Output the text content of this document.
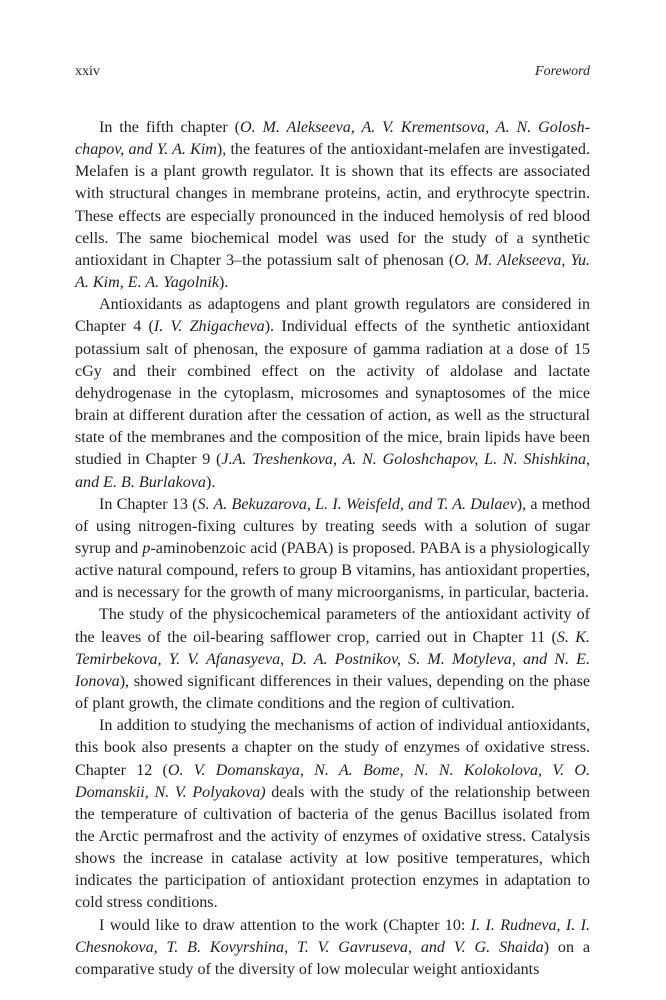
xxiv	Foreword

In the fifth chapter (O. M. Alekseeva, A. V. Krementsova, A. N. Goloshchapov, and Y. A. Kim), the features of the antioxidant-melafen are investigated. Melafen is a plant growth regulator. It is shown that its effects are associated with structural changes in membrane proteins, actin, and erythrocyte spectrin. These effects are especially pronounced in the induced hemolysis of red blood cells. The same biochemical model was used for the study of a synthetic antioxidant in Chapter 3–the potassium salt of phenosan (O. M. Alekseeva, Yu. A. Kim, E. A. Yagolnik).

Antioxidants as adaptogens and plant growth regulators are considered in Chapter 4 (I. V. Zhigacheva). Individual effects of the synthetic antioxidant potassium salt of phenosan, the exposure of gamma radiation at a dose of 15 cGy and their combined effect on the activity of aldolase and lactate dehydrogenase in the cytoplasm, microsomes and synaptosomes of the mice brain at different duration after the cessation of action, as well as the structural state of the membranes and the composition of the mice, brain lipids have been studied in Chapter 9 (J.A. Treshenkova, A. N. Goloshchapov, L. N. Shishkina, and E. B. Burlakova).

In Chapter 13 (S. A. Bekuzarova, L. I. Weisfeld, and T. A. Dulaev), a method of using nitrogen-fixing cultures by treating seeds with a solution of sugar syrup and p-aminobenzoic acid (PABA) is proposed. PABA is a physiologically active natural compound, refers to group B vitamins, has antioxidant properties, and is necessary for the growth of many microorganisms, in particular, bacteria.

The study of the physicochemical parameters of the antioxidant activity of the leaves of the oil-bearing safflower crop, carried out in Chapter 11 (S. K. Temirbekova, Y. V. Afanasyeva, D. A. Postnikov, S. M. Motyleva, and N. E. Ionova), showed significant differences in their values, depending on the phase of plant growth, the climate conditions and the region of cultivation.

In addition to studying the mechanisms of action of individual antioxidants, this book also presents a chapter on the study of enzymes of oxidative stress. Chapter 12 (O. V. Domanskaya, N. A. Bome, N. N. Kolokolova, V. O. Domanskii, N. V. Polyakova) deals with the study of the relationship between the temperature of cultivation of bacteria of the genus Bacillus isolated from the Arctic permafrost and the activity of enzymes of oxidative stress. Catalysis shows the increase in catalase activity at low positive temperatures, which indicates the participation of antioxidant protection enzymes in adaptation to cold stress conditions.

I would like to draw attention to the work (Chapter 10: I. I. Rudneva, I. I. Chesnokova, T. B. Kovyrshina, T. V. Gavruseva, and V. G. Shaida) on a comparative study of the diversity of low molecular weight antioxidants
